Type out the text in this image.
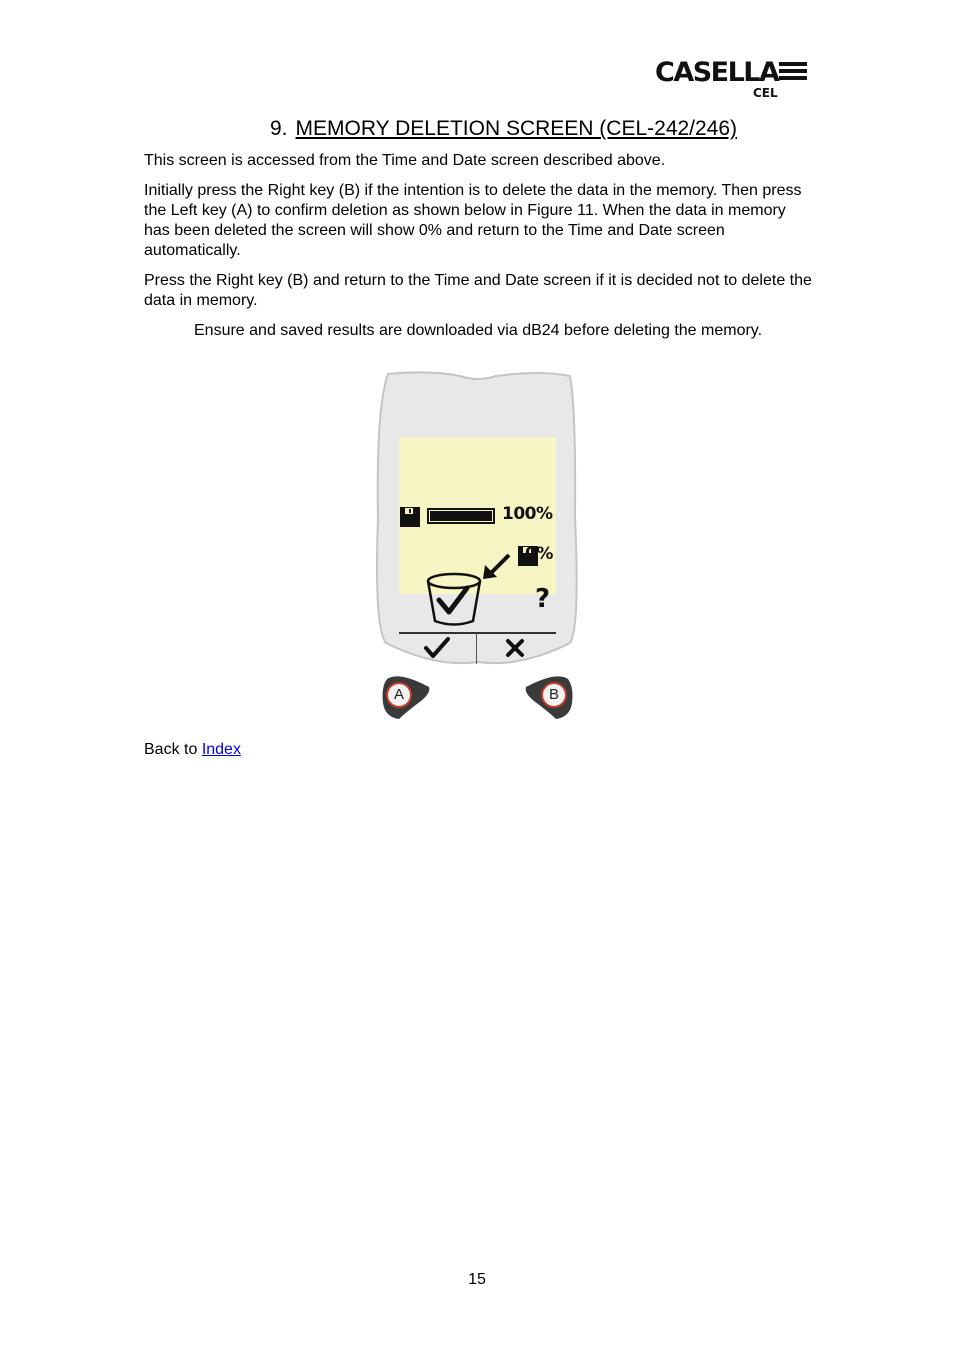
CASELLA
CEL
9. MEMORY DELETION SCREEN (CEL-242/246)

This screen is accessed from the Time and Date screen described above.

Initially press the Right key (B) if the intention is to delete the data in the memory. Then press the Left key (A) to confirm deletion as shown below in Figure 11. When the data in memory has been deleted the screen will show 0% and return to the Time and Date screen automatically.

Press the Right key (B) and return to the Time and Date screen if it is decided not to delete the data in memory.

Ensure and saved results are downloaded via dB24 before deleting the memory.

100%
0%
?
A	B
Back to Index
15
